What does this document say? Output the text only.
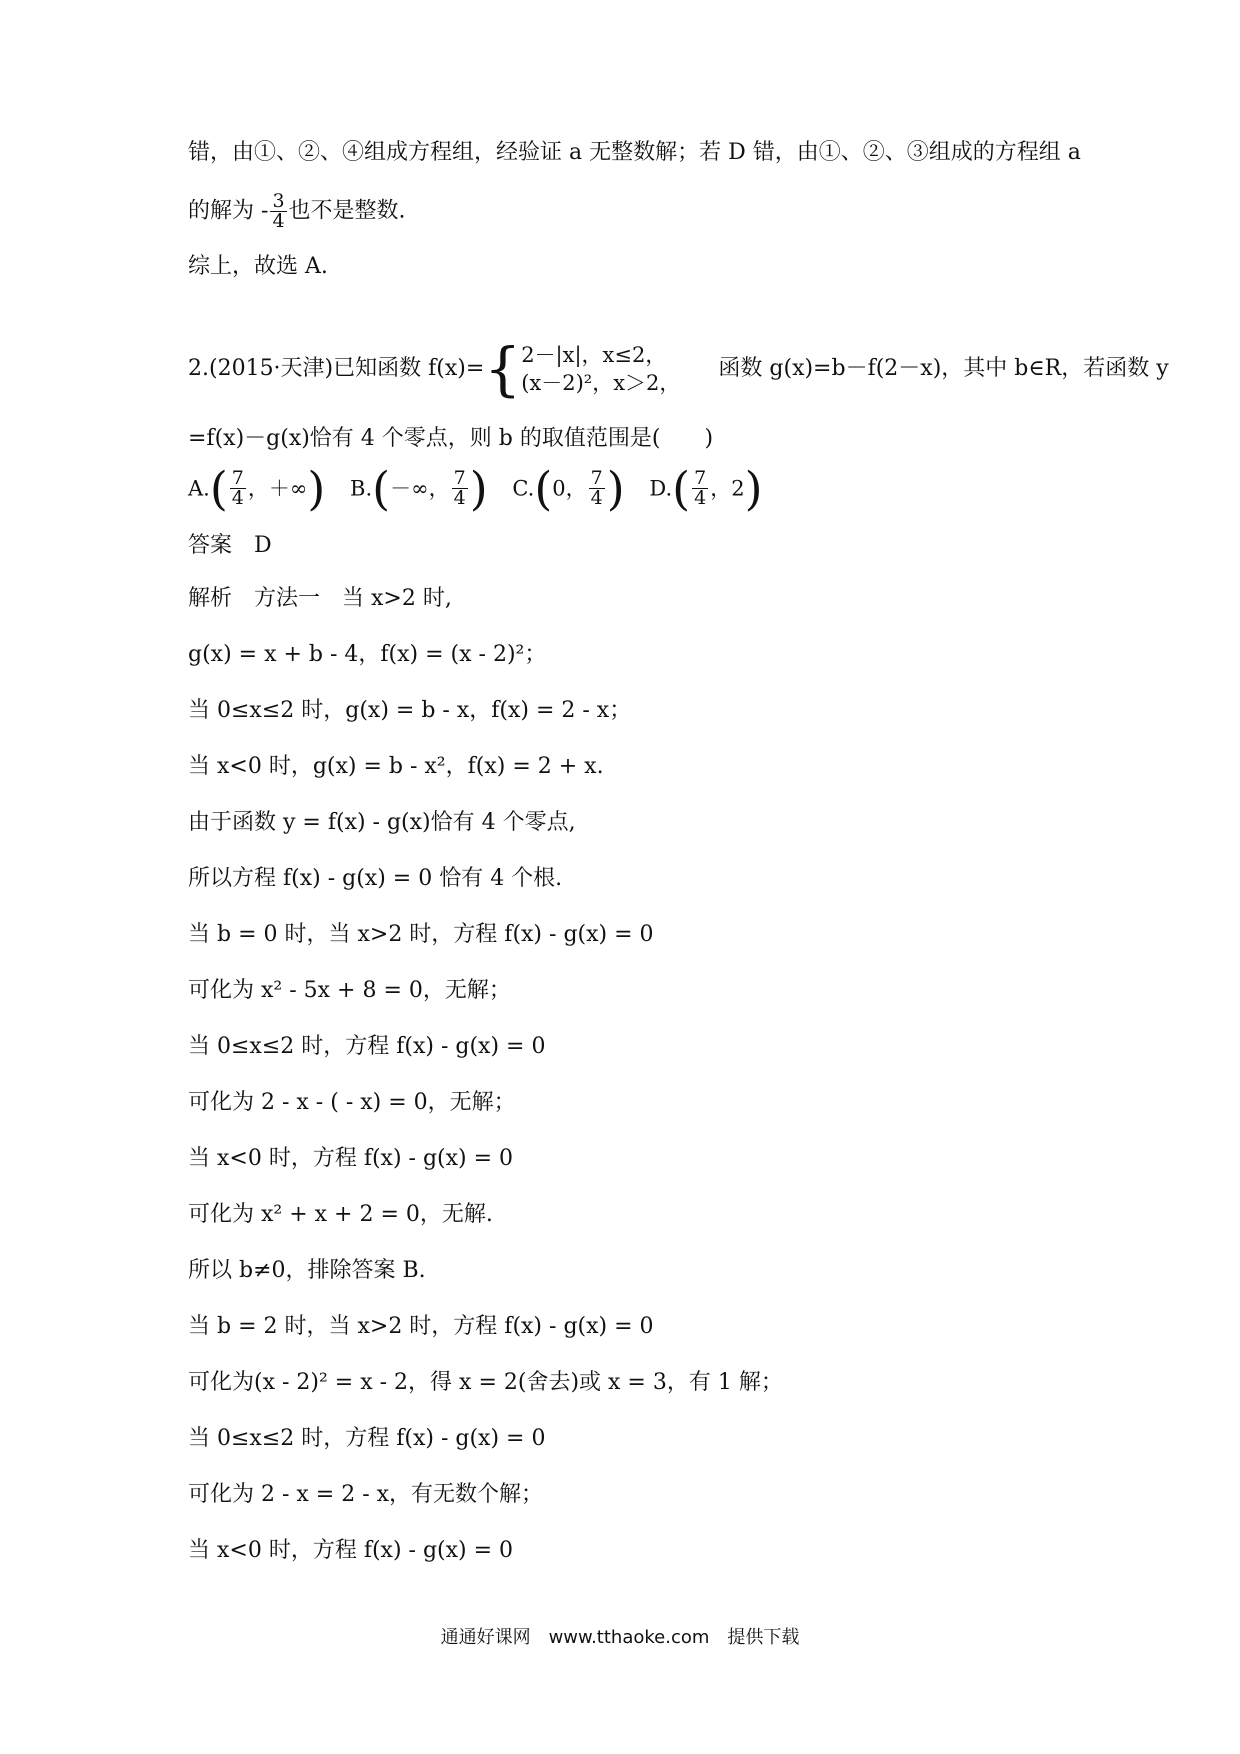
错，由①、②、④组成方程组，经验证 a 无整数解；若 D 错，由①、②、③组成的方程组 a
的解为 - $\frac{3}{4}$ 也不是整数.
综上，故选 A.
2.(2015·天津)已知函数 f(x)={ 2－|x|，x≤2，
(x－2)²，x＞2，
函数 g(x)=b－f(2－x)，其中 b∈R，若函数 y
=f(x)－g(x)恰有 4 个零点，则 b 的取值范围是(　　)
$A.( \frac{7}{4}$ ，＋∞) B.(－∞， $\frac{7}{4}$ ) C.(0， $\frac{7}{4}$ ) $D.( \frac{7}{4}$ ，2)
答案　D
解析　方法一　当 x>2 时,
g(x) = x + b - 4，f(x) = (x - 2)²；
当 0≤x≤2 时，g(x) = b - x，f(x) = 2 - x；
当 x<0 时，g(x) = b - x²，f(x) = 2 + x.
由于函数 y = f(x) - g(x)恰有 4 个零点,
所以方程 f(x) - g(x) = 0 恰有 4 个根.
当 b = 0 时，当 x>2 时，方程 f(x) - g(x) = 0
可化为 x² - 5x + 8 = 0，无解；
当 0≤x≤2 时，方程 f(x) - g(x) = 0
可化为 2 - x - ( - x) = 0，无解；
当 x<0 时，方程 f(x) - g(x) = 0
可化为 x² + x + 2 = 0，无解.
所以 b≠0，排除答案 B.
当 b = 2 时，当 x>2 时，方程 f(x) - g(x) = 0
可化为(x - 2)² = x - 2，得 x = 2(舍去)或 x = 3，有 1 解；
当 0≤x≤2 时，方程 f(x) - g(x) = 0
可化为 2 - x = 2 - x，有无数个解；
当 x<0 时，方程 f(x) - g(x) = 0
通通好课网　www.tthaoke.com　提供下载
